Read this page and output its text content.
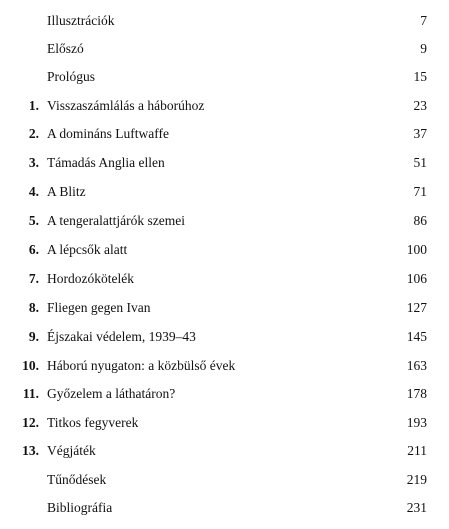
Illusztrációk	7
Előszó	9
Prológus	15
1. Visszaszámlálás a háborúhoz	23
2. A domináns Luftwaffe	37
3. Támadás Anglia ellen	51
4. A Blitz	71
5. A tengeralattjárók szemei	86
6. A lépcsők alatt	100
7. Hordozókötelék	106
8. Fliegen gegen Ivan	127
9. Éjszakai védelem, 1939–43	145
10. Háború nyugaton: a közbülső évek	163
11. Győzelem a láthatáron?	178
12. Titkos fegyverek	193
13. Végjáték	211
Tűnődések	219
Bibliográfia	231
